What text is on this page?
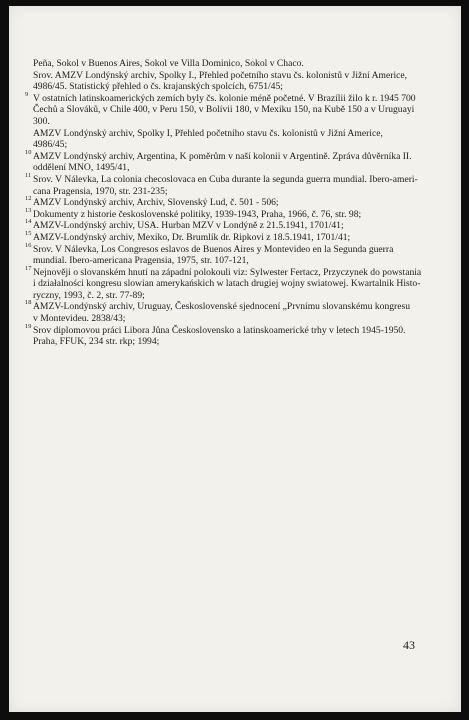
Peña, Sokol v Buenos Aires, Sokol ve Villa Dominico, Sokol v Chaco.
Srov. AMZV Londýnský archiv, Spolky I., Přehled početního stavu čs. kolonistů v Jižní Americe,
4986/45. Statistický přehled o čs. krajanských spolcích, 6751/45;
9 V ostatních latinskoamerických zemích byly čs. kolonie méně početné. V Brazílii žilo k r. 1945 700
Čechů a Slováků, v Chile 400, v Peru 150, v Bolívii 180, v Mexiku 150, na Kubě 150 a v Uruguayi
300.
AMZV Londýnský archiv, Spolky I, Přehled početního stavu čs. kolonistů v Jižní Americe,
4986/45;
10 AMZV Londýnský archiv, Argentina, K poměrům v naší kolonii v Argentině. Zpráva důvěrníka II.
oddělení MNO, 1495/41,
11 Srov. V Nálevka, La colonia checoslovaca en Cuba durante la segunda guerra mundial. Ibero-ameri-
cana Pragensia, 1970, str. 231-235;
12 AMZV Londýnský archiv, Archiv, Slovenský Lud, č. 501 - 506;
13 Dokumenty z historie československé politiky, 1939-1943, Praha, 1966, č. 76, str. 98;
14 AMZV-Londýnský archiv, USA. Hurban MZV v Londýně z 21.5.1941, 1701/41;
15 AMZV-Londýnský archiv, Mexiko, Dr. Brumlík dr. Ripkovi z 18.5.1941, 1701/41;
16 Srov. V Nálevka, Los Congresos eslavos de Buenos Aires y Montevideo en la Segunda guerra
mundial. Ibero-americana Pragensia, 1975, str. 107-121,
17 Nejnověji o slovanském hnutí na západní polokouli viz: Sylwester Fertacz, Przyczynek do powstania
i działalności kongresu slowian amerykańskich w latach drugiej wojny swiatowej. Kwartalnik Histo-
ryczny, 1993, č. 2, str. 77-89;
18 AMZV-Londýnský archiv, Uruguay, Československé sjednocení „Prvnímu slovanskému kongresu
v Montevideu. 2838/43;
19 Srov diplomovou práci Libora Jůna Československo a latinskoamerické trhy v letech 1945-1950.
Praha, FFUK, 234 str. rkp; 1994;
43
